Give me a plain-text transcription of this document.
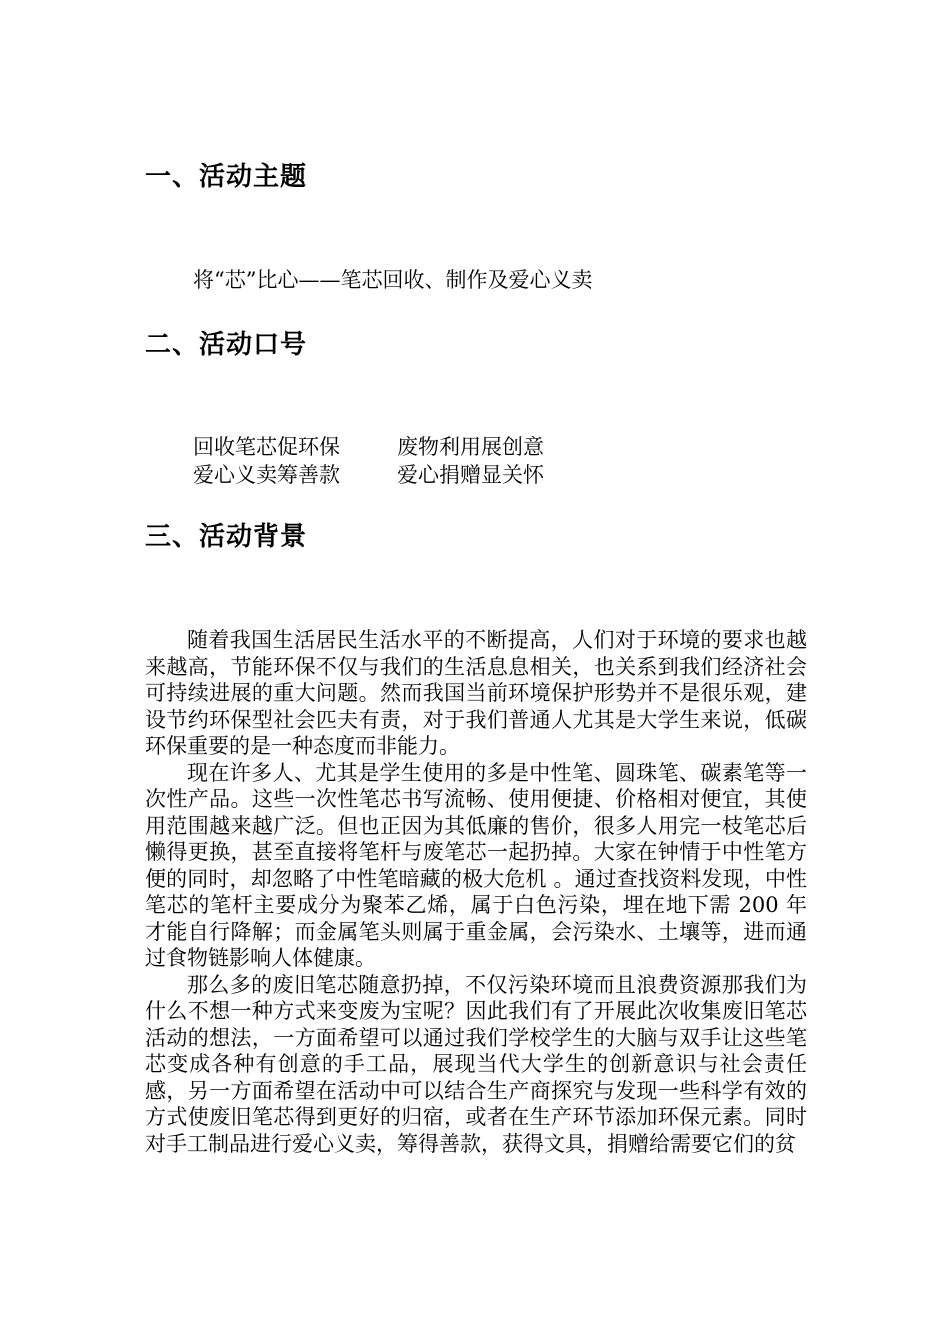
一、活动主题
将“芯”比心——笔芯回收、制作及爱心义卖
二、活动口号
回收笔芯促环保	废物利用展创意
爱心义卖筹善款	爱心捐赠显关怀
三、活动背景

随着我国生活居民生活水平的不断提高，人们对于环境的要求也越来越高，节能环保不仅与我们的生活息息相关，也关系到我们经济社会可持续进展的重大问题。然而我国当前环境保护形势并不是很乐观，建设节约环保型社会匹夫有责，对于我们普通人尤其是大学生来说，低碳环保重要的是一种态度而非能力。

现在许多人、尤其是学生使用的多是中性笔、圆珠笔、碳素笔等一次性产品。这些一次性笔芯书写流畅、使用便捷、价格相对便宜，其使用范围越来越广泛。但也正因为其低廉的售价，很多人用完一枝笔芯后懒得更换，甚至直接将笔杆与废笔芯一起扔掉。大家在钟情于中性笔方便的同时，却忽略了中性笔暗藏的极大危机 。通过查找资料发现，中性笔芯的笔杆主要成分为聚苯乙烯，属于白色污染，埋在地下需 200 年才能自行降解；而金属笔头则属于重金属，会污染水、土壤等，进而通过食物链影响人体健康。

那么多的废旧笔芯随意扔掉，不仅污染环境而且浪费资源那我们为什么不想一种方式来变废为宝呢？因此我们有了开展此次收集废旧笔芯活动的想法，一方面希望可以通过我们学校学生的大脑与双手让这些笔芯变成各种有创意的手工品，展现当代大学生的创新意识与社会责任感，另一方面希望在活动中可以结合生产商探究与发现一些科学有效的方式使废旧笔芯得到更好的归宿，或者在生产环节添加环保元素。同时对手工制品进行爱心义卖，筹得善款，获得文具，捐赠给需要它们的贫
